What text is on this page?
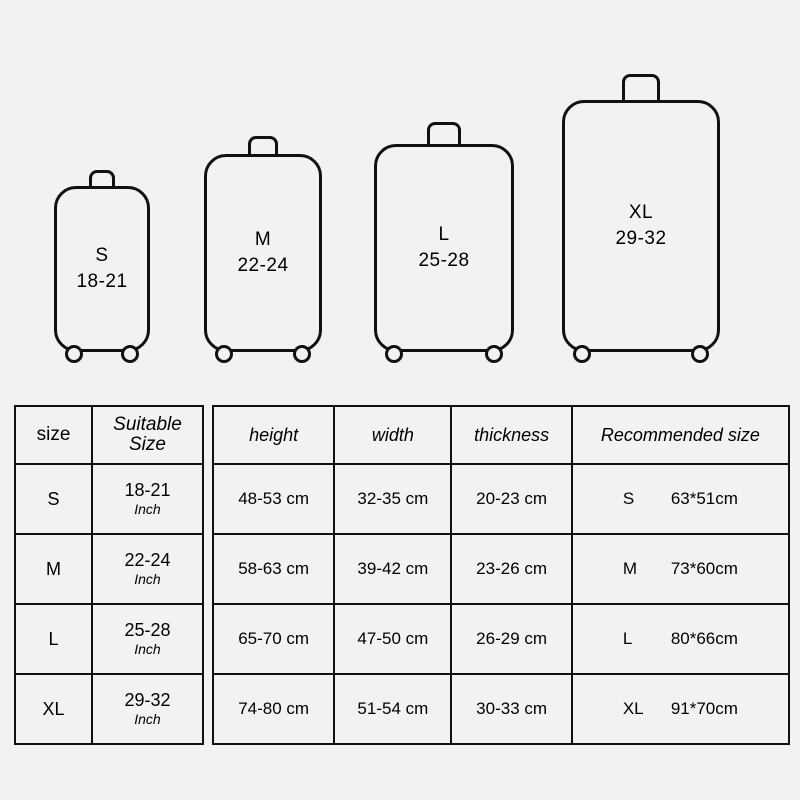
S
18-21
M
22-24
L
25-28
XL
29-32
size	Suitable Size
S	18-21
Inch

M	22-24
Inch

L	25-28
Inch

XL	29-32
Inch
height	width	thickness	Recommended size
48-53 cm	32-35 cm	20-23 cm	S 63*51cm

58-63 cm	39-42 cm	23-26 cm	M 73*60cm

65-70 cm	47-50 cm	26-29 cm	L 80*66cm

74-80 cm	51-54 cm	30-33 cm	XL 91*70cm
